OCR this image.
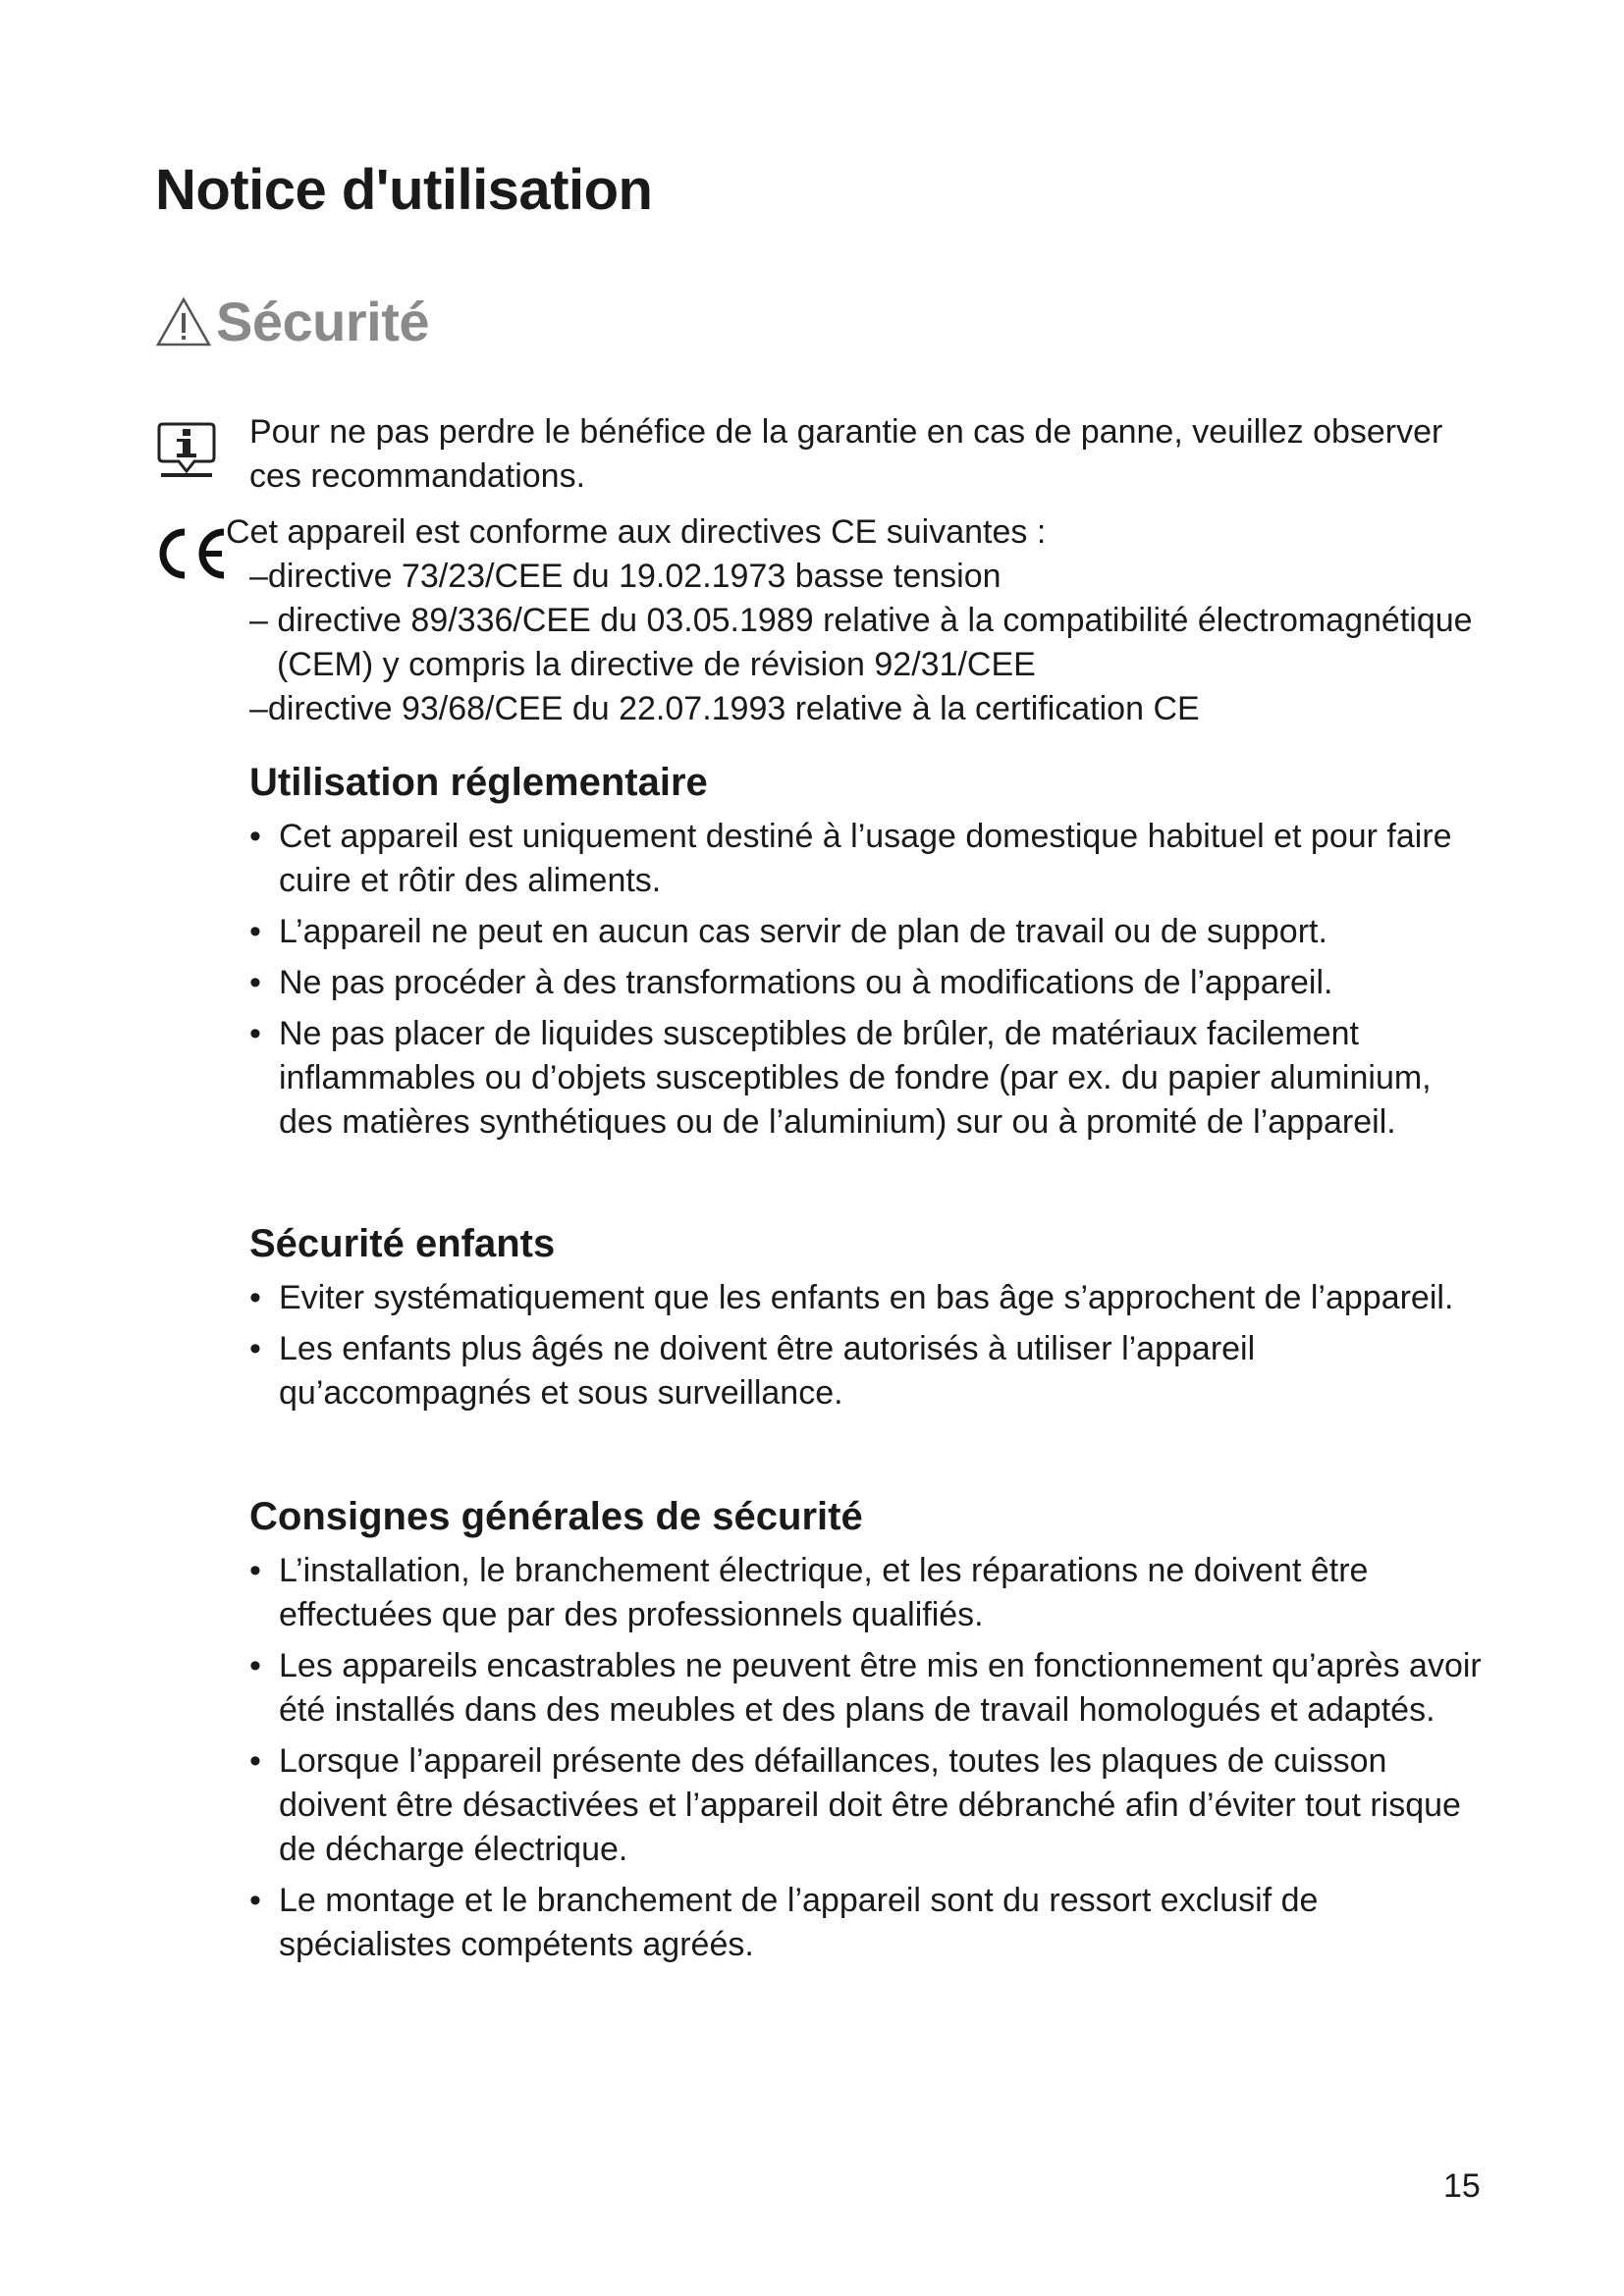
Notice d'utilisation
Sécurité

Pour ne pas perdre le bénéfice de la garantie en cas de panne, veuillez observer ces recommandations.

Cet appareil est conforme aux directives CE suivantes :

–directive 73/23/CEE du 19.02.1973 basse tension
– directive 89/336/CEE du 03.05.1989 relative à la compatibilité électromagnétique (CEM) y compris la directive de révision 92/31/CEE
–directive 93/68/CEE du 22.07.1993 relative à la certification CE
Utilisation réglementaire
• Cet appareil est uniquement destiné à l’usage domestique habituel et pour faire cuire et rôtir des aliments.
• L’appareil ne peut en aucun cas servir de plan de travail ou de support.
• Ne pas procéder à des transformations ou à modifications de l’appareil.
• Ne pas placer de liquides susceptibles de brûler, de matériaux facilement inflammables ou d’objets susceptibles de fondre (par ex. du papier aluminium, des matières synthétiques ou de l’aluminium) sur ou à promité de l’appareil.
Sécurité enfants
• Eviter systématiquement que les enfants en bas âge s’approchent de l’appareil.
• Les enfants plus âgés ne doivent être autorisés à utiliser l’appareil qu’accompagnés et sous surveillance.
Consignes générales de sécurité
• L’installation, le branchement électrique, et les réparations ne doivent être effectuées que par des professionnels qualifiés.
• Les appareils encastrables ne peuvent être mis en fonctionnement qu’après avoir été installés dans des meubles et des plans de travail homologués et adaptés.
• Lorsque l’appareil présente des défaillances, toutes les plaques de cuisson doivent être désactivées et l’appareil doit être débranché afin d’éviter tout risque de décharge électrique.
• Le montage et le branchement de l’appareil sont du ressort exclusif de spécialistes compétents agréés.
15
